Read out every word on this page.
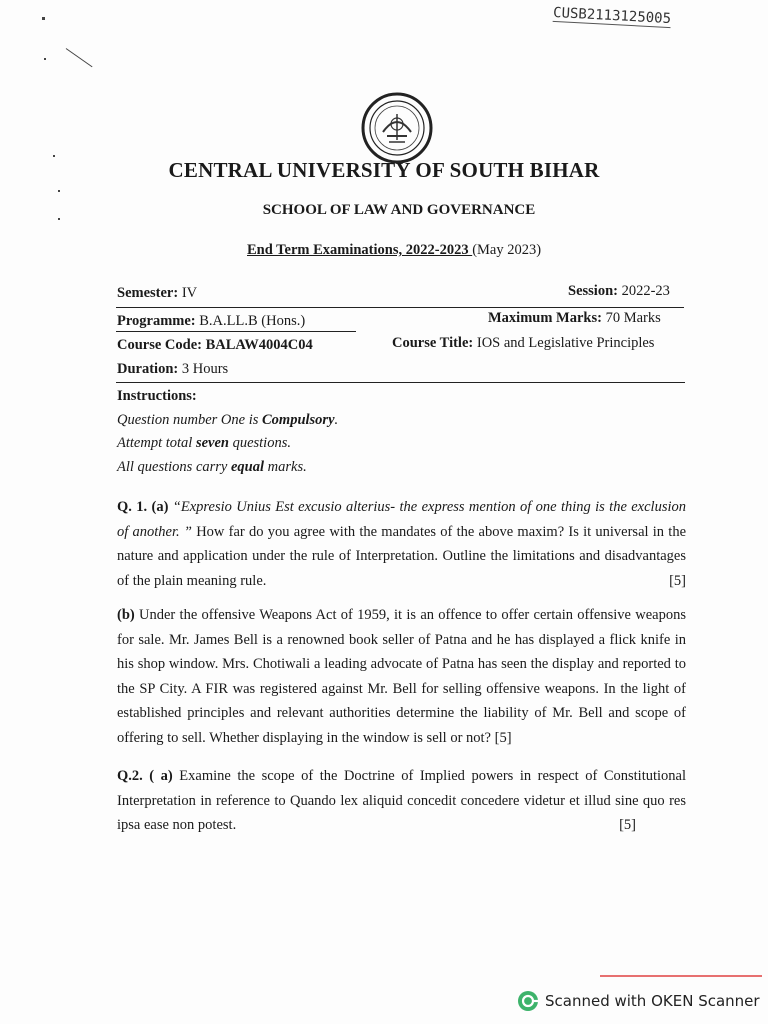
CUSB2113125005
CENTRAL UNIVERSITY OF SOUTH BIHAR
SCHOOL OF LAW AND GOVERNANCE
End Term Examinations, 2022-2023 (May 2023)
Semester: IV	Session: 2022-23
Programme: B.A.LL.B (Hons.)	Maximum Marks: 70 Marks
Course Code: BALAW4004C04	Course Title: IOS and Legislative Principles
Duration: 3 Hours
Instructions:
Question number One is Compulsory.
Attempt total seven questions.
All questions carry equal marks.
Q. 1. (a) “Expresio Unius Est excusio alterius- the express mention of one thing is the exclusion of another. ” How far do you agree with the mandates of the above maxim? Is it universal in the nature and application under the rule of Interpretation. Outline the limitations and disadvantages of the plain meaning rule.	[5]
(b) Under the offensive Weapons Act of 1959, it is an offence to offer certain offensive weapons for sale. Mr. James Bell is a renowned book seller of Patna and he has displayed a flick knife in his shop window. Mrs. Chotiwali a leading advocate of Patna has seen the display and reported to the SP City. A FIR was registered against Mr. Bell for selling offensive weapons. In the light of established principles and relevant authorities determine the liability of Mr. Bell and scope of offering to sell. Whether displaying in the window is sell or not? [5]
Q.2. ( a) Examine the scope of the Doctrine of Implied powers in respect of Constitutional Interpretation in reference to Quando lex aliquid concedit concedere videtur et illud sine quo res ipsa ease non potest.	[5]
Scanned with OKEN Scanner
